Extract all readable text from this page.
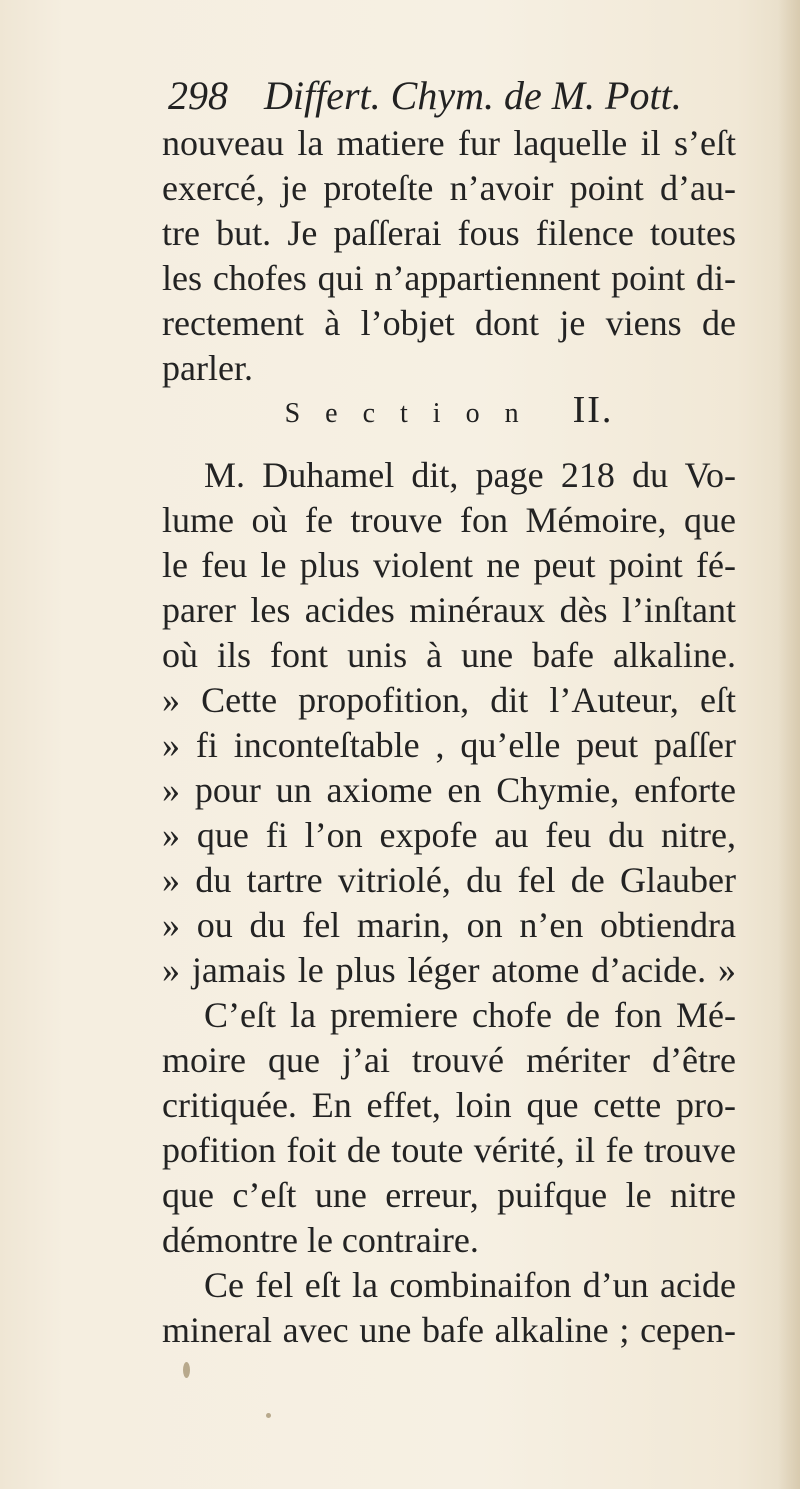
298 Differt. Chym. de M. Pott.
nouveau la matiere fur laquelle il s’eſt
exercé, je proteſte n’avoir point d’au-
tre but. Je paſſerai fous filence toutes
les chofes qui n’appartiennent point di-
rectement à l’objet dont je viens de
parler.
Section II.
M. Duhamel dit, page 218 du Vo-
lume où fe trouve fon Mémoire, que
le feu le plus violent ne peut point fé-
parer les acides minéraux dès l’inſtant
où ils font unis à une bafe alkaline.
» Cette propofition, dit l’Auteur, eſt
» fi inconteſtable , qu’elle peut paſſer
» pour un axiome en Chymie, enforte
» que fi l’on expofe au feu du nitre,
» du tartre vitriolé, du fel de Glauber
» ou du fel marin, on n’en obtiendra
» jamais le plus léger atome d’acide. »
C’eſt la premiere chofe de fon Mé-
moire que j’ai trouvé mériter d’être
critiquée. En effet, loin que cette pro-
pofition foit de toute vérité, il fe trouve
que c’eſt une erreur, puifque le nitre
démontre le contraire.
Ce fel eſt la combinaifon d’un acide
mineral avec une bafe alkaline ; cepen-
